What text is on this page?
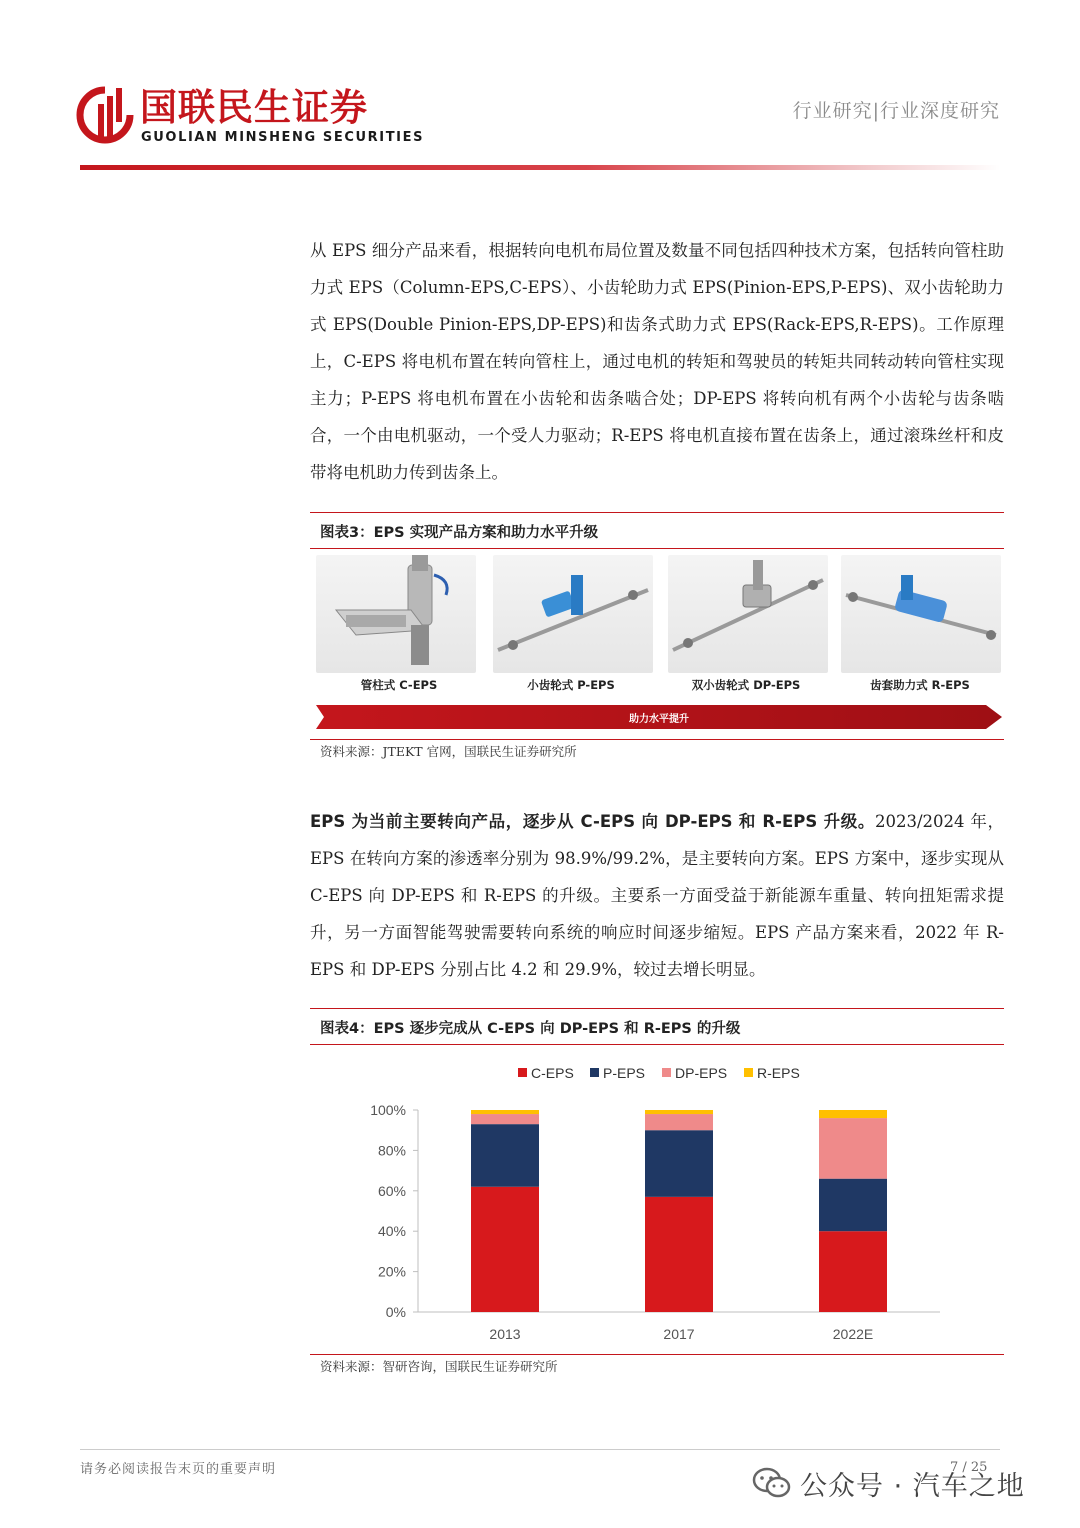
国联民生证券
GUOLIAN MINSHENG SECURITIES
行业研究|行业深度研究
从 EPS 细分产品来看，根据转向电机布局位置及数量不同包括四种技术方案，包括转向管柱助力式 EPS（Column-EPS,C-EPS）、小齿轮助力式 EPS(Pinion-EPS,P-EPS)、双小齿轮助力式 EPS(Double Pinion-EPS,DP-EPS)和齿条式助力式 EPS(Rack-EPS,R-EPS)。工作原理上，C-EPS 将电机布置在转向管柱上，通过电机的转矩和驾驶员的转矩共同转动转向管柱实现主力；P-EPS 将电机布置在小齿轮和齿条啮合处；DP-EPS 将转向机有两个小齿轮与齿条啮合，一个由电机驱动，一个受人力驱动；R-EPS 将电机直接布置在齿条上，通过滚珠丝杆和皮带将电机助力传到齿条上。
图表3：EPS 实现产品方案和助力水平升级
管柱式 C-EPS	小齿轮式 P-EPS	双小齿轮式 DP-EPS	齿套助力式 R-EPS
助力水平提升
资料来源：JTEKT 官网，国联民生证券研究所
EPS 为当前主要转向产品，逐步从 C-EPS 向 DP-EPS 和 R-EPS 升级。2023/2024 年，EPS 在转向方案的渗透率分别为 98.9%/99.2%，是主要转向方案。EPS 方案中，逐步实现从 C-EPS 向 DP-EPS 和 R-EPS 的升级。主要系一方面受益于新能源车重量、转向扭矩需求提升，另一方面智能驾驶需要转向系统的响应时间逐步缩短。EPS 产品方案来看，2022 年 R-EPS 和 DP-EPS 分别占比 4.2 和 29.9%，较过去增长明显。
图表4：EPS 逐步完成从 C-EPS 向 DP-EPS 和 R-EPS 的升级
C-EPS P-EPS DP-EPS R-EPS
0%
20%
40%
60%
80%
100%
2013	2017	2022E
资料来源：智研咨询，国联民生证券研究所
请务必阅读报告末页的重要声明	7 / 25
公众号 · 汽车之地
